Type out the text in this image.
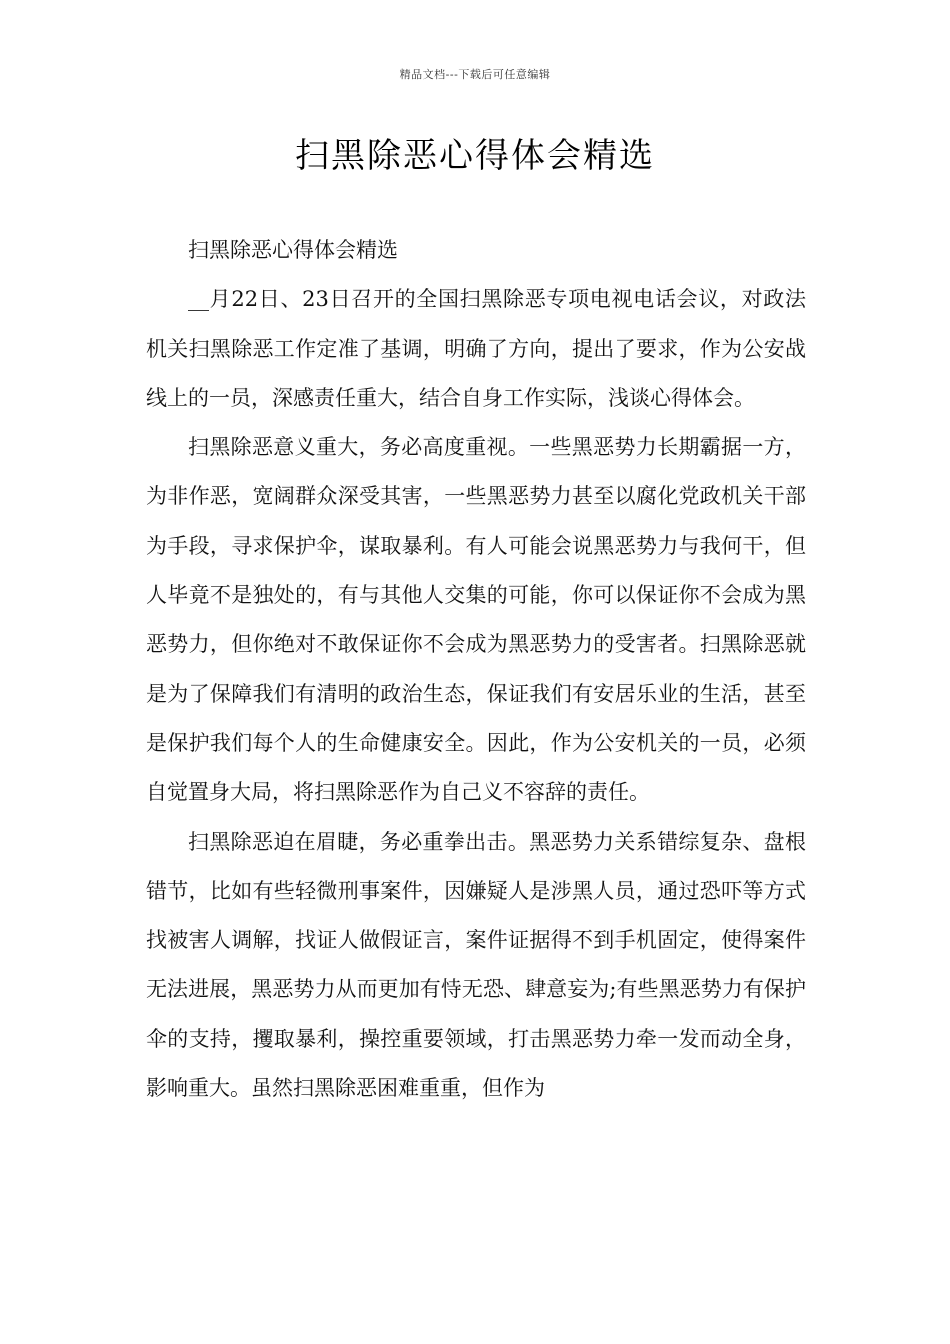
精品文档---下载后可任意编辑
扫黑除恶心得体会精选

扫黑除恶心得体会精选

__月22日、23日召开的全国扫黑除恶专项电视电话会议，对政法机关扫黑除恶工作定准了基调，明确了方向，提出了要求，作为公安战线上的一员，深感责任重大，结合自身工作实际，浅谈心得体会。

扫黑除恶意义重大，务必高度重视。一些黑恶势力长期霸据一方，为非作恶，宽阔群众深受其害，一些黑恶势力甚至以腐化党政机关干部为手段，寻求保护伞，谋取暴利。有人可能会说黑恶势力与我何干，但人毕竟不是独处的，有与其他人交集的可能，你可以保证你不会成为黑恶势力，但你绝对不敢保证你不会成为黑恶势力的受害者。扫黑除恶就是为了保障我们有清明的政治生态，保证我们有安居乐业的生活，甚至是保护我们每个人的生命健康安全。因此，作为公安机关的一员，必须自觉置身大局，将扫黑除恶作为自己义不容辞的责任。

扫黑除恶迫在眉睫，务必重拳出击。黑恶势力关系错综复杂、盘根错节，比如有些轻微刑事案件，因嫌疑人是涉黑人员，通过恐吓等方式找被害人调解，找证人做假证言，案件证据得不到手机固定，使得案件无法进展，黑恶势力从而更加有恃无恐、肆意妄为;有些黑恶势力有保护伞的支持，攫取暴利，操控重要领域，打击黑恶势力牵一发而动全身，影响重大。虽然扫黑除恶困难重重，但作为
